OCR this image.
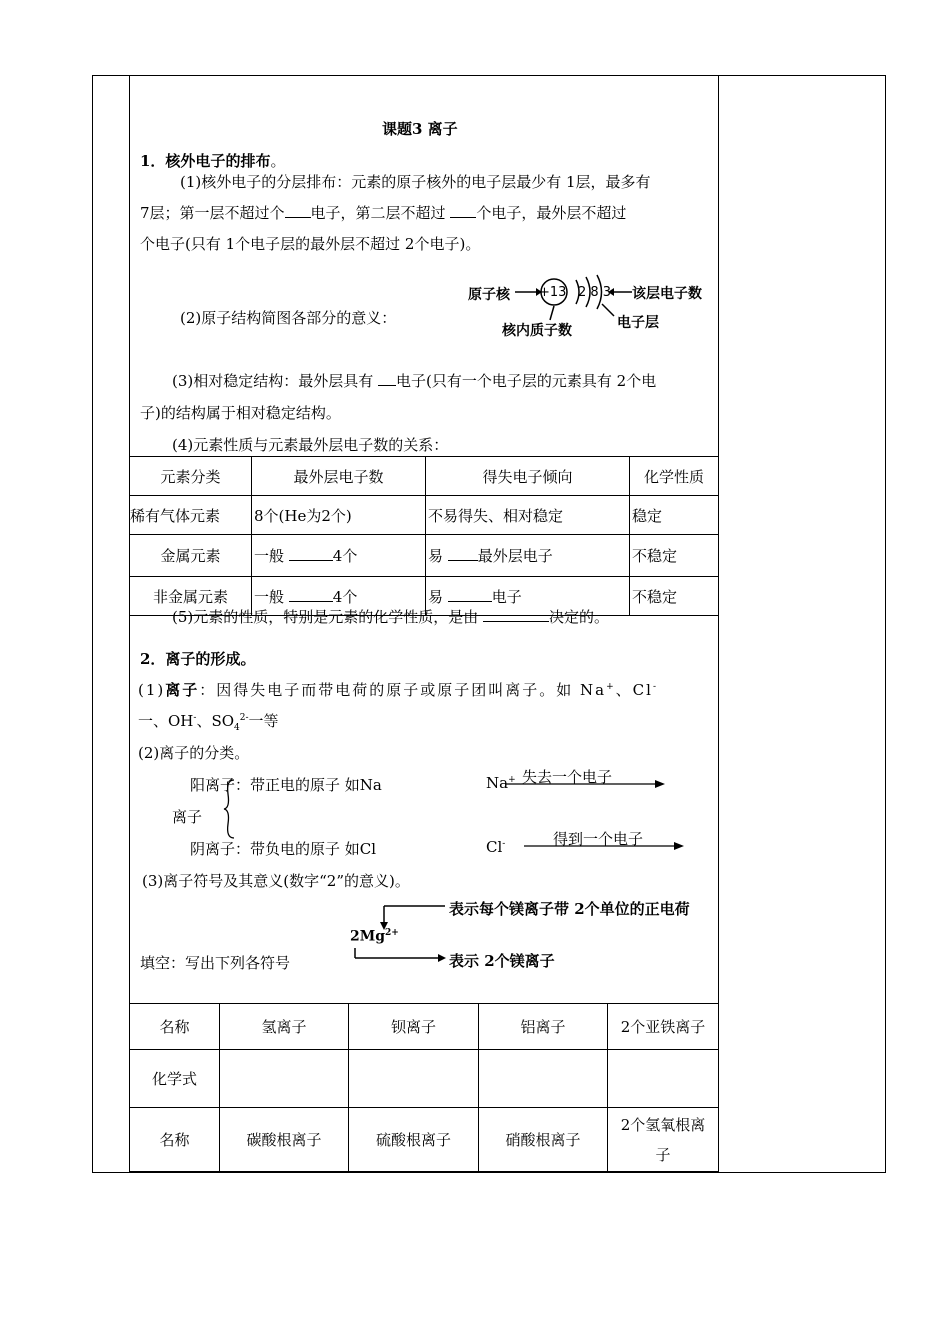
课题3 离子
1．核外电子的排布。
(1)核外电子的分层排布：元素的原子核外的电子层最少有 1层，最多有
7层；第一层不超过个 电子，第二层不超过 个电子，最外层不超过
个电子(只有 1个电子层的最外层不超过 2个电子)。
(2)原子结构简图各部分的意义：
原子核 +13 2 8 3 该层电子数
核内质子数	电子层
(3)相对稳定结构：最外层具有 电子(只有一个电子层的元素具有 2个电
子)的结构属于相对稳定结构。
(4)元素性质与元素最外层电子数的关系：
元素分类	最外层电子数	得失电子倾向	化学性质
稀有气体元素	8个(He为2个)	不易得失、相对稳定	稳定
金属元素	一般 4个	易 最外层电子	不稳定
非金属元素	一般 4个	易 电子	不稳定
(5)元素的性质，特别是元素的化学性质，是由	决定的。
2．离子的形成。
(1)离子：因得失电子而带电荷的原子或原子团叫离子。如 Na+、Cl-
一、OH-、$SO_4^{2-}$一等
(2)离子的分类。
阳离子：带正电的原子 如Na
离子
阴离子：带负电的原子 如Cl
Na+ 失去一个电子
Cl-	得到一个电子
(3)离子符号及其意义(数字“2”的意义)。
表示每个镁离子带 2个单位的正电荷
$2Mg^{2+}$
表示 2个镁离子
填空：写出下列各符号
名称	氢离子	钡离子	铝离子	2个亚铁离子
化学式				
名称	碳酸根离子	硫酸根离子	硝酸根离子	2个氢氧根离
子
